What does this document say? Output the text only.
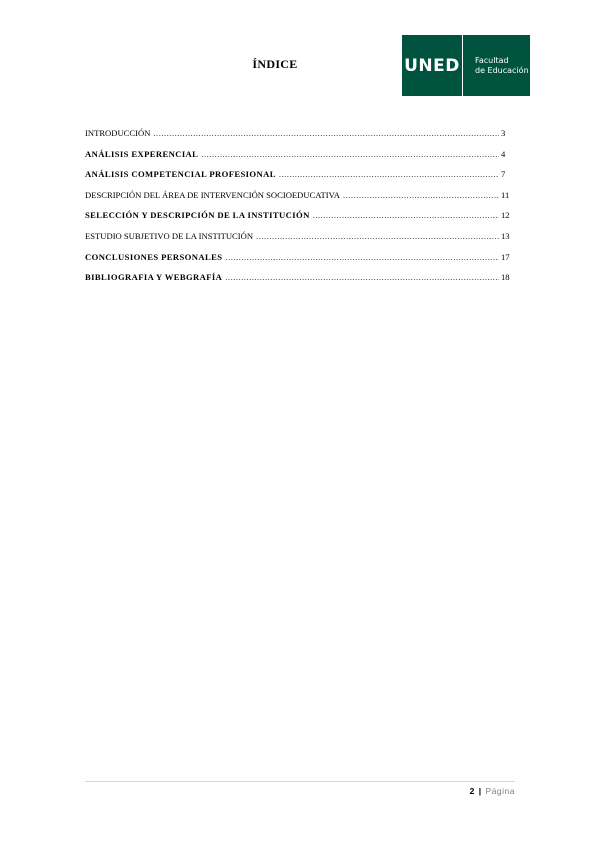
ÍNDICE	UNED Facultad
de Educación
INTRODUCCIÓN .....	3
ANÁLISIS EXPERENCIAL .....	4
ANÁLISIS COMPETENCIAL PROFESIONAL .....	7
DESCRIPCIÓN DEL ÁREA DE INTERVENCIÓN SOCIOEDUCATIVA .....	11
SELECCIÓN Y DESCRIPCIÓN DE LA INSTITUCIÓN .....	12
ESTUDIO SUBJETIVO DE LA INSTITUCIÓN .....	13
CONCLUSIONES PERSONALES .....	17
BIBLIOGRAFIA Y WEBGRAFÍA .....	18
2 | Página
